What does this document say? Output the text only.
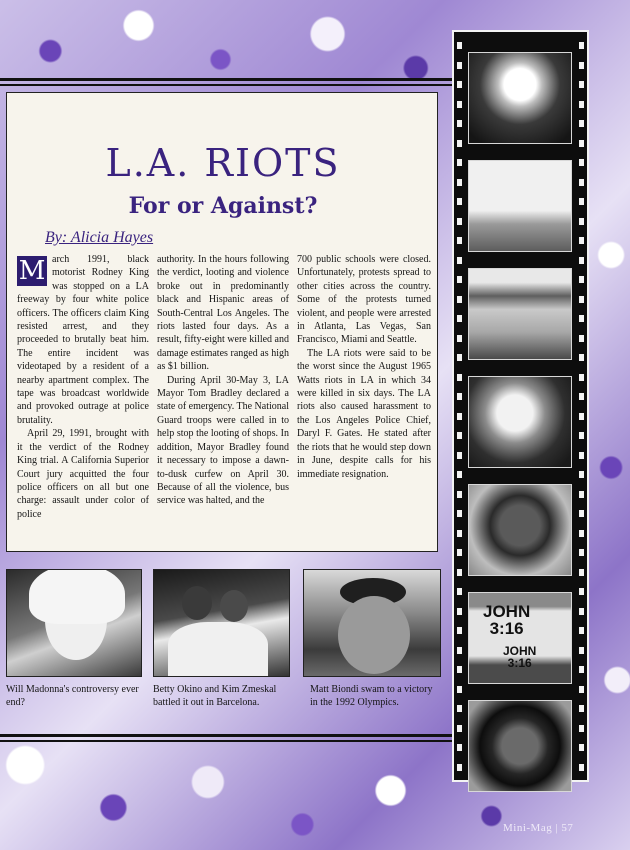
L.A. RIOTS
For or Against?
By: Alicia Hayes

M arch 1991, black motorist Rodney King was stopped on a LA freeway by four white police officers. The officers claim King resisted arrest, and they proceeded to brutally beat him. The entire incident was videotaped by a resident of a nearby apartment complex. The tape was broadcast worldwide and provoked outrage at police brutality.

April 29, 1991, brought with it the verdict of the Rodney King trial. A California Superior Court jury acquitted the four police officers on all but one charge: assault under color of police

authority. In the hours following the verdict, looting and violence broke out in predominantly black and Hispanic areas of South-Central Los Angeles. The riots lasted four days. As a result, fifty-eight were killed and damage estimates ranged as high as $1 billion.

During April 30-May 3, LA Mayor Tom Bradley declared a state of emergency. The National Guard troops were called in to help stop the looting of shops. In addition, Mayor Bradley found it necessary to impose a dawn-to-dusk curfew on April 30. Because of all the violence, bus service was halted, and the

700 public schools were closed. Unfortunately, protests spread to other cities across the country. Some of the protests turned violent, and people were arrested in Atlanta, Las Vegas, San Francisco, Miami and Seattle.

The LA riots were said to be the worst since the August 1965 Watts riots in LA in which 34 were killed in six days. The LA riots also caused harassment to the Los Angeles Police Chief, Daryl F. Gates. He stated after the riots that he would step down in June, despite calls for his immediate resignation.

Will Madonna's controversy ever end?
Betty Okino and Kim Zmeskal battled it out in Barcelona.
Matt Biondi swam to a victory in the 1992 Olympics.
JOHN
3:16
JOHN
3:16
Mini-Mag | 57
